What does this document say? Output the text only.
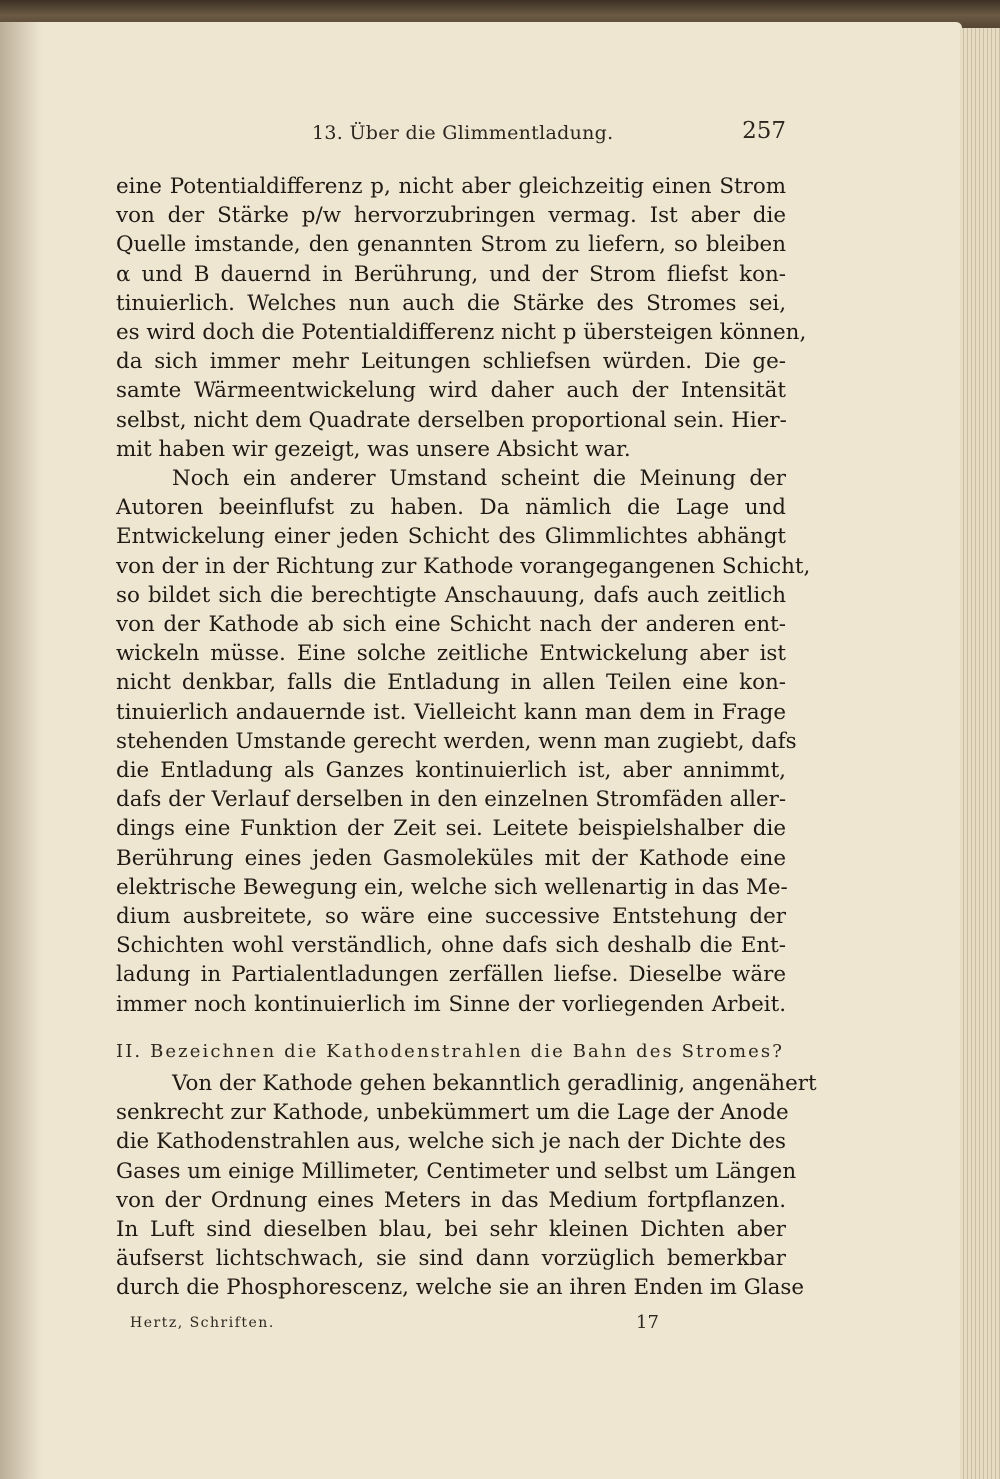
13. Über die Glimmentladung.	257
eine Potentialdifferenz p, nicht aber gleichzeitig einen Strom
von der Stärke p/w hervorzubringen vermag. Ist aber die
Quelle imstande, den genannten Strom zu liefern, so bleiben
α und B dauernd in Berührung, und der Strom fliefst kon-
tinuierlich. Welches nun auch die Stärke des Stromes sei,
es wird doch die Potentialdifferenz nicht p übersteigen können,
da sich immer mehr Leitungen schliefsen würden. Die ge-
samte Wärmeentwickelung wird daher auch der Intensität
selbst, nicht dem Quadrate derselben proportional sein. Hier-
mit haben wir gezeigt, was unsere Absicht war.
Noch ein anderer Umstand scheint die Meinung der
Autoren beeinflufst zu haben. Da nämlich die Lage und
Entwickelung einer jeden Schicht des Glimmlichtes abhängt
von der in der Richtung zur Kathode vorangegangenen Schicht,
so bildet sich die berechtigte Anschauung, dafs auch zeitlich
von der Kathode ab sich eine Schicht nach der anderen ent-
wickeln müsse. Eine solche zeitliche Entwickelung aber ist
nicht denkbar, falls die Entladung in allen Teilen eine kon-
tinuierlich andauernde ist. Vielleicht kann man dem in Frage
stehenden Umstande gerecht werden, wenn man zugiebt, dafs
die Entladung als Ganzes kontinuierlich ist, aber annimmt,
dafs der Verlauf derselben in den einzelnen Stromfäden aller-
dings eine Funktion der Zeit sei. Leitete beispielshalber die
Berührung eines jeden Gasmoleküles mit der Kathode eine
elektrische Bewegung ein, welche sich wellenartig in das Me-
dium ausbreitete, so wäre eine successive Entstehung der
Schichten wohl verständlich, ohne dafs sich deshalb die Ent-
ladung in Partialentladungen zerfällen liefse. Dieselbe wäre
immer noch kontinuierlich im Sinne der vorliegenden Arbeit.
II. Bezeichnen die Kathodenstrahlen die Bahn des Stromes?
Von der Kathode gehen bekanntlich geradlinig, angenähert
senkrecht zur Kathode, unbekümmert um die Lage der Anode
die Kathodenstrahlen aus, welche sich je nach der Dichte des
Gases um einige Millimeter, Centimeter und selbst um Längen
von der Ordnung eines Meters in das Medium fortpflanzen.
In Luft sind dieselben blau, bei sehr kleinen Dichten aber
äufserst lichtschwach, sie sind dann vorzüglich bemerkbar
durch die Phosphorescenz, welche sie an ihren Enden im Glase
Hertz, Schriften.	17
